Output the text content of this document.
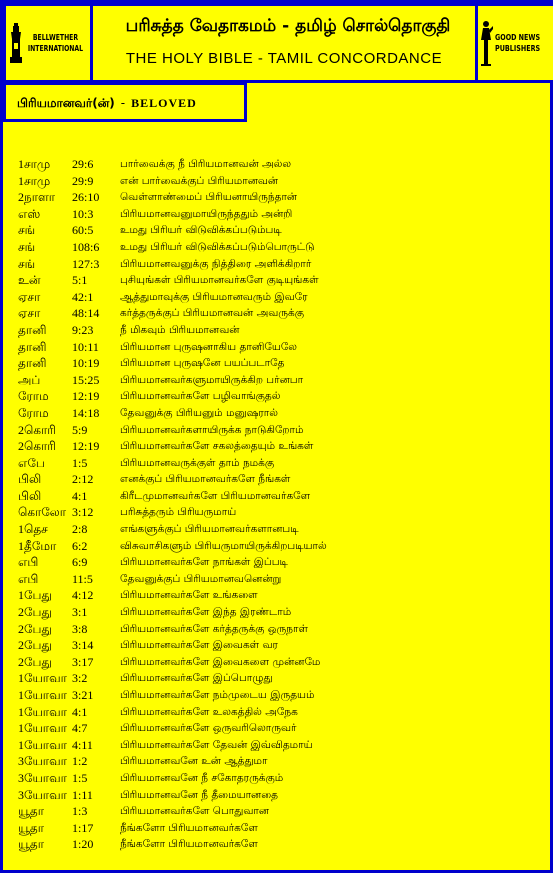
BELLWETHER
INTERNATIONAL
பரிசுத்த வேதாகமம் - தமிழ் சொல்தொகுதி
THE HOLY BIBLE - TAMIL CONCORDANCE
GOOD NEWS
PUBLISHERS
பிரியமானவர்(ன்) - BELOVED
1சாமு	29:6	பார்வைக்கு நீ பிரியமானவன் அல்ல
1சாமு	29:9	என் பார்வைக்குப் பிரியமானவன்
2நாளா	26:10	வெள்ளாண்மைப் பிரியனாயிருந்தான்
எஸ்	10:3	பிரியமானவனுமாயிருந்ததும் அன்றி
சங்	60:5	உமது பிரியர் விடுவிக்கப்படும்படி
சங்	108:6	உமது பிரியர் விடுவிக்கப்படும்பொருட்டு
சங்	127:3	பிரியமானவனுக்கு நித்திரை அளிக்கிறார்
உன்	5:1	புசியுங்கள் பிரியமானவர்களே குடியுங்கள்
ஏசா	42:1	ஆத்துமாவுக்கு பிரியமானவரும் இவரே
ஏசா	48:14	கர்த்தருக்குப் பிரியமானவன் அவருக்கு
தானி	9:23	நீ மிகவும் பிரியமானவன்
தானி	10:11	பிரியமான புருஷனாகிய தானியேலே
தானி	10:19	பிரியமான புருஷனே பயப்படாதே
அப்	15:25	பிரியமானவர்களுமாயிருக்கிற பர்னபா
ரோம	12:19	பிரியமானவர்களே பழிவாங்குதல்
ரோம	14:18	தேவனுக்கு பிரியனும் மனுஷரால்
2கொரி	5:9	பிரியமானவர்களாயிருக்க நாடுகிறோம்
2கொரி	12:19	பிரியமானவர்களே சகலத்தையும் உங்கள்
எபே	1:5	பிரியமானவருக்குள் தாம் நமக்கு
பிலி	2:12	எனக்குப் பிரியமானவர்களே நீங்கள்
பிலி	4:1	கிரீடமுமானவர்களே பிரியமானவர்களே
கொலோ 3:12	பரிசுத்தரும் பிரியருமாய்
1தெச	2:8	எங்களுக்குப் பிரியமானவர்களானபடி
1தீமோ	6:2	விசுவாசிகளும் பிரியருமாயிருக்கிறபடியால்
எபி	6:9	பிரியமானவர்களே நாங்கள் இப்படி
எபி	11:5	தேவனுக்குப் பிரியமானவனென்று
1பேது	4:12	பிரியமானவர்களே உங்களை
2பேது	3:1	பிரியமானவர்களே இந்த இரண்டாம்
2பேது	3:8	பிரியமானவர்களே கர்த்தருக்கு ஒருநாள்
2பேது	3:14	பிரியமானவர்களே இவைகள் வர
2பேது	3:17	பிரியமானவர்களே இவைகளை முன்னமே
1யோவா 3:2	பிரியமானவர்களே இப்பொழுது
1யோவா 3:21	பிரியமானவர்களே நம்முடைய இருதயம்
1யோவா 4:1	பிரியமானவர்களே உலகத்தில் அநேக
1யோவா 4:7	பிரியமானவர்களே ஒருவரிலொருவர்
1யோவா 4:11	பிரியமானவர்களே தேவன் இவ்விதமாய்
3யோவா 1:2	பிரியமானவனே உன் ஆத்துமா
3யோவா 1:5	பிரியமானவனே நீ சகோதரருக்கும்
3யோவா 1:11	பிரியமானவனே நீ தீமையானதை
யூதா	1:3	பிரியமானவர்களே பொதுவான
யூதா	1:17	நீங்களோ பிரியமானவர்களே
யூதா	1:20	நீங்களோ பிரியமானவர்களே
